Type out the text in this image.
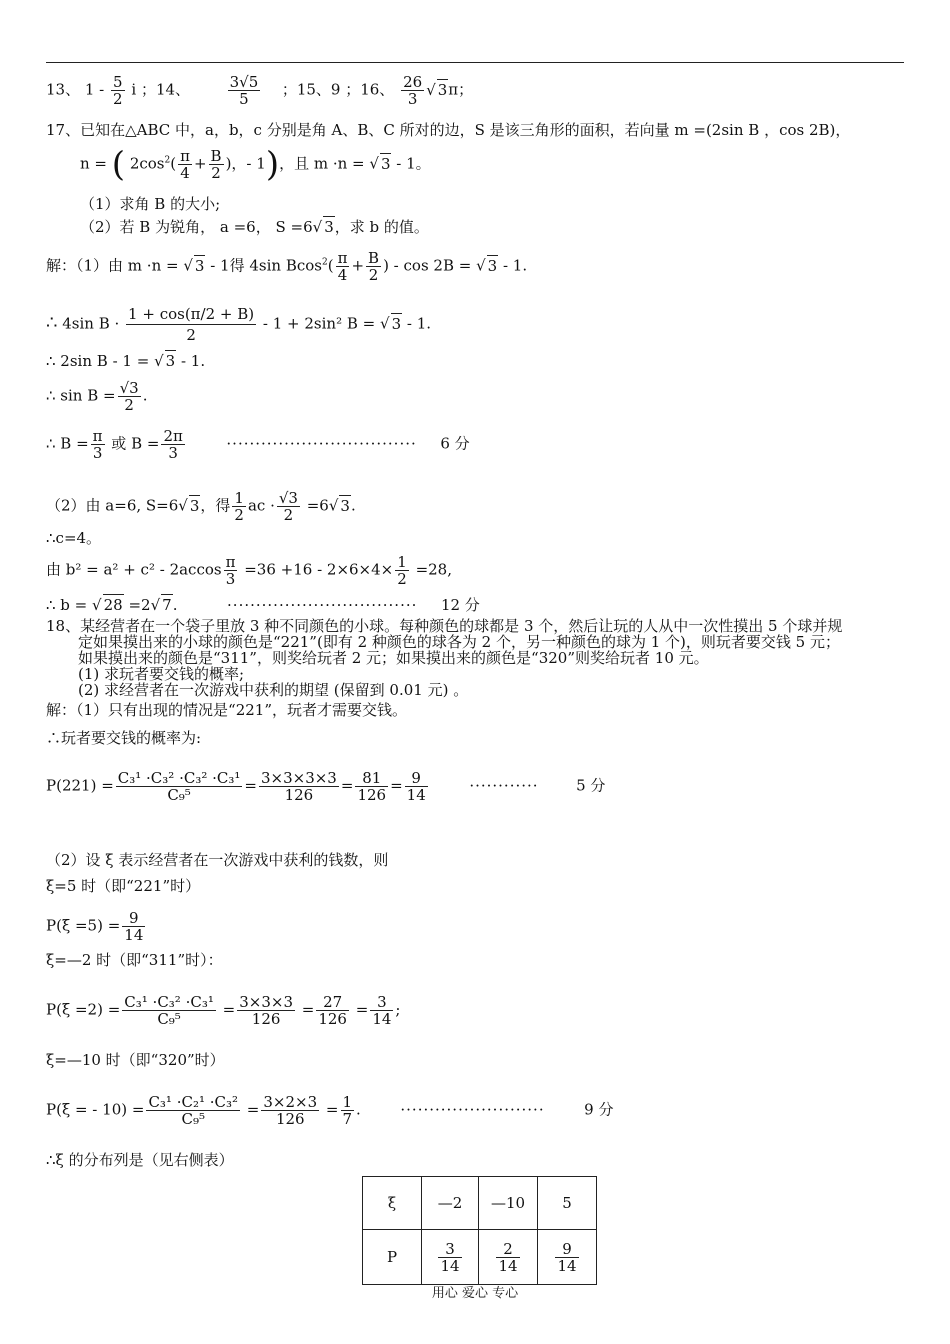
13、 $1 - \frac{5}{2}$ i ；14、	$\frac{3√5}{5}$ ；15、9 ；16、 $\frac{26}{3}$ √ 3π；
17、已知在△ABC 中，a，b，c 分别是角 A、B、C 所对的边，S 是该三角形的面积，若向量 m =(2sin B ，cos 2B)，
n = ( $2\cos^2( \frac{\pi}{4} + \frac{B}{2}$ )，- 1)，且 m ·n = √ 3 - 1。
（1）求角 B 的大小;
（2）若 B 为锐角， a =6， S =6√ 3，求 b 的值。
解：（1）由 m ·n = √ 3 - 1得 4sin $Bcos^2( \frac{\pi}{4} + \frac{B}{2}$ ) - cos 2B = √ 3 - 1.
∴ 4sin $B \cdot \frac{1 + \cos(\pi/2 + B)}{2} - 1 + 2\sin^2$ B = √ 3 - 1.
∴ 2sin B - 1 = √ 3 - 1.
∴ $\sin B = \frac{√3}{2}$ .
∴ $B = \frac{\pi}{3}$ 或 $B = \frac{2\pi}{3}$	································· 6 分
（2）由 a=6, S=6√ 3，得 $\frac{1}{2}$ ac · $\frac{√3}{2} =6√$ 3.
∴c=4。
由 $b^2 = a^2 + c^2 - 2accos \frac{\pi}{3} =36 +16 - 2\times 6\times 4\times \frac{1}{2} =28$,
∴ b = √ 28 =2√ 7.	································· 12 分
18、某经营者在一个袋子里放 3 种不同颜色的小球。每种颜色的球都是 3 个，然后让玩的人从中一次性摸出 5 个球并规
定如果摸出来的小球的颜色是“221”(即有 2 种颜色的球各为 2 个，另一种颜色的球为 1 个)，则玩者要交钱 5 元；
如果摸出来的颜色是“311”，则奖给玩者 2 元；如果摸出来的颜色是“320”则奖给玩者 10 元。
(1) 求玩者要交钱的概率;
(2) 求经营者在一次游戏中获利的期望 (保留到 0.01 元) 。
解：（1）只有出现的情况是“221”，玩者才需要交钱。
∴玩者要交钱的概率为:
$P(221) = \frac{\text{C₃¹ ·C₃² ·C₃² ·C₃¹}}{\text{C₉⁵}} = \frac{3\times 3\times 3\times 3}{126} = \frac{81}{126} = \frac{9}{14}$	············	5 分
（2）设 ξ 表示经营者在一次游戏中获利的钱数，则
ξ=5 时（即“221”时）
$P(\xi =5) = \frac{9}{14}$
ξ=—2 时（即“311”时）：
$P(\xi =2) = \frac{\text{C₃¹ ·C₃² ·C₃¹}}{\text{C₉⁵}} = \frac{3\times 3\times 3}{126} = \frac{27}{126} = \frac{3}{14}$ ;
ξ=—10 时（即“320”时）
P(ξ = - $10) = \frac{\text{C₃¹ ·C₂¹ ·C₃²}}{\text{C₉⁵}} = \frac{3\times 2\times 3}{126} = \frac{1}{7}$ .	·························	9 分
∴ξ 的分布列是（见右侧表）
ξ	—2	—10	5
P	$\frac{3}{14}$	$\frac{2}{14}$	$\frac{9}{14}$
用心 爱心 专心
